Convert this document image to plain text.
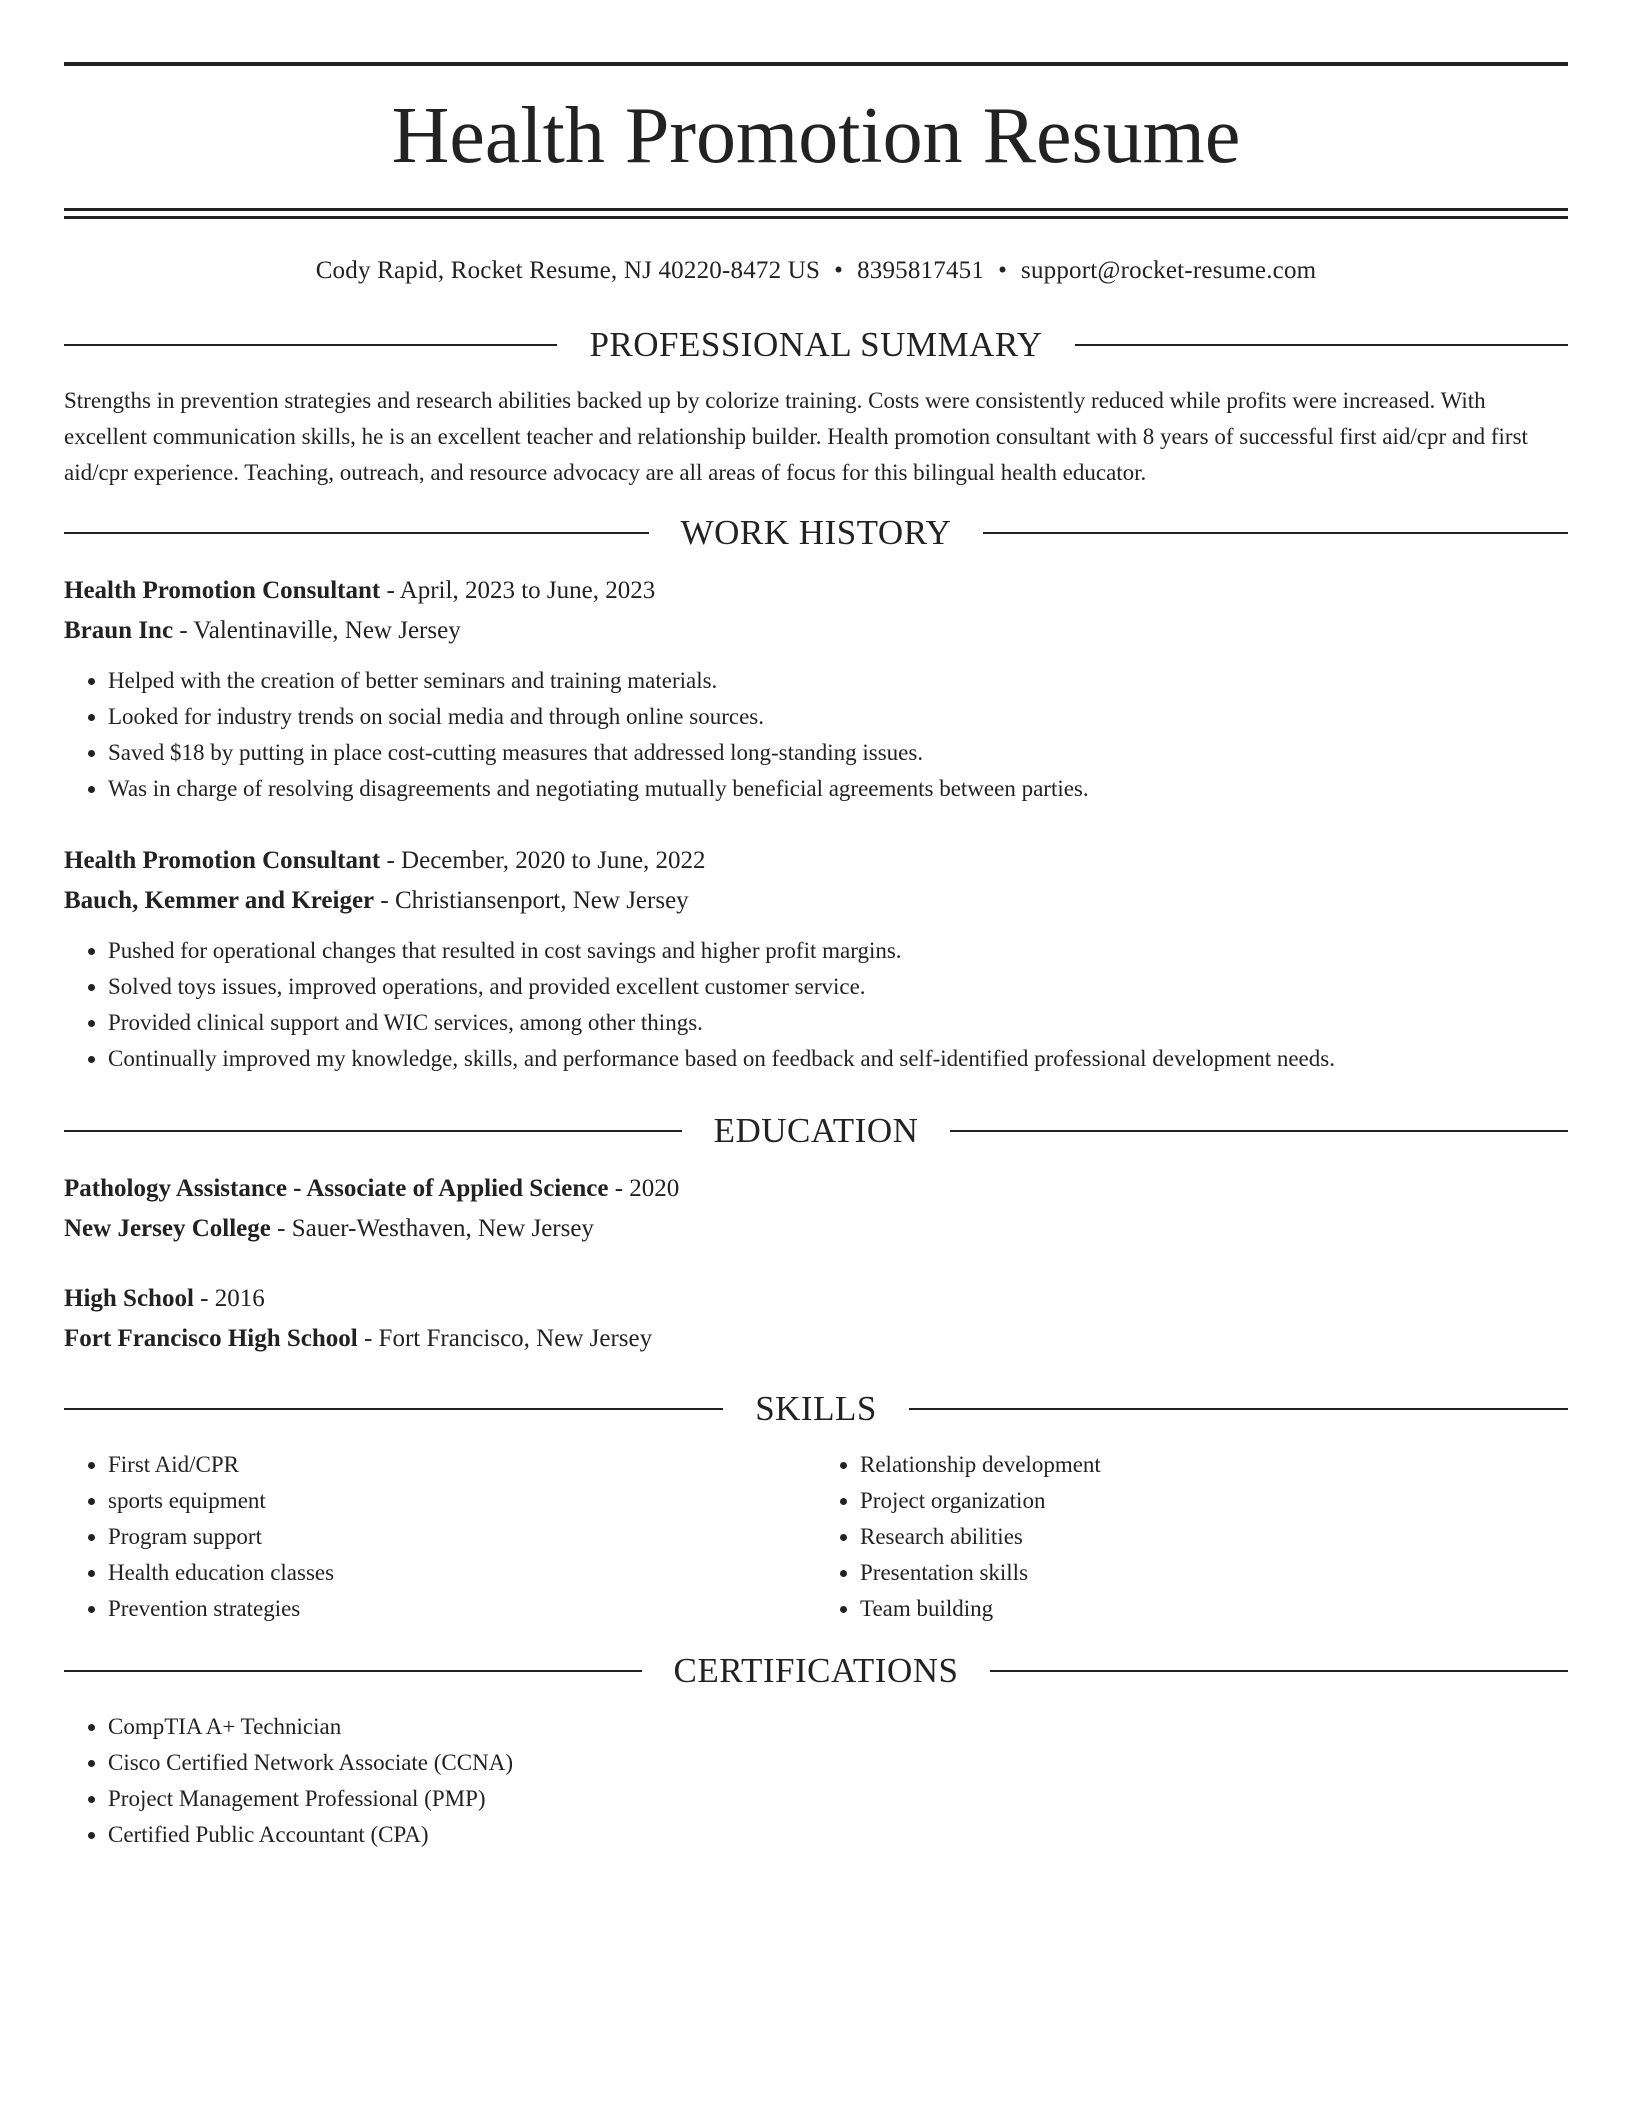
Health Promotion Resume
Cody Rapid, Rocket Resume, NJ 40220-8472 US • 8395817451 • support@rocket-resume.com
PROFESSIONAL SUMMARY
Strengths in prevention strategies and research abilities backed up by colorize training. Costs were consistently reduced while profits were increased. With excellent communication skills, he is an excellent teacher and relationship builder. Health promotion consultant with 8 years of successful first aid/cpr and first aid/cpr experience. Teaching, outreach, and resource advocacy are all areas of focus for this bilingual health educator.
WORK HISTORY
Health Promotion Consultant - April, 2023 to June, 2023
Braun Inc - Valentinaville, New Jersey
• Helped with the creation of better seminars and training materials.
• Looked for industry trends on social media and through online sources.
• Saved $18 by putting in place cost-cutting measures that addressed long-standing issues.
• Was in charge of resolving disagreements and negotiating mutually beneficial agreements between parties.
Health Promotion Consultant - December, 2020 to June, 2022
Bauch, Kemmer and Kreiger - Christiansenport, New Jersey
• Pushed for operational changes that resulted in cost savings and higher profit margins.
• Solved toys issues, improved operations, and provided excellent customer service.
• Provided clinical support and WIC services, among other things.
• Continually improved my knowledge, skills, and performance based on feedback and self-identified professional development needs.
EDUCATION
Pathology Assistance - Associate of Applied Science - 2020
New Jersey College - Sauer-Westhaven, New Jersey
High School - 2016
Fort Francisco High School - Fort Francisco, New Jersey
SKILLS
• First Aid/CPR
• sports equipment
• Program support
• Health education classes
• Prevention strategies
• Relationship development
• Project organization
• Research abilities
• Presentation skills
• Team building
CERTIFICATIONS
• CompTIA A+ Technician
• Cisco Certified Network Associate (CCNA)
• Project Management Professional (PMP)
• Certified Public Accountant (CPA)
